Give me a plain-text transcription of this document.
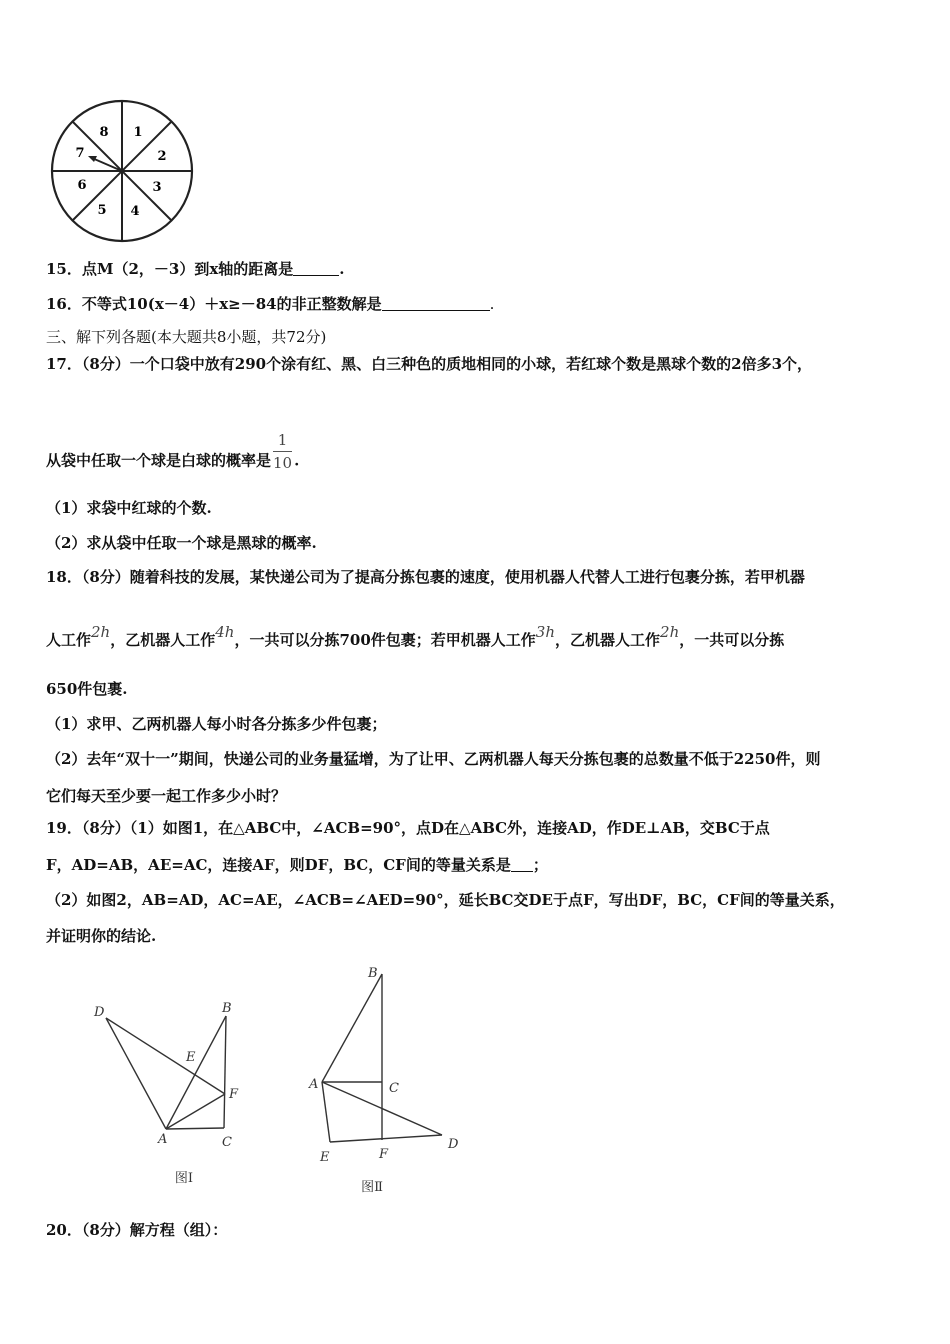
8 1
2
3
4
5
6
7
15．点M（2，－3）到x轴的距离是	.
16．不等式10(x－4）＋x≥－84的非正整数解是	.
三、解下列各题(本大题共8小题，共72分)
17．（8分）一个口袋中放有290个涂有红、黑、白三种色的质地相同的小球，若红球个数是黑球个数的2倍多3个，
从袋中任取一个球是白球的概率是 $\frac{1}{10}$ .
（1）求袋中红球的个数.
（2）求从袋中任取一个球是黑球的概率.
18．（8分）随着科技的发展，某快递公司为了提高分拣包裹的速度，使用机器人代替人工进行包裹分拣，若甲机器
人工作2h，乙机器人工作4h，一共可以分拣700件包裹；若甲机器人工作3h，乙机器人工作2h，一共可以分拣
650件包裹.
（1）求甲、乙两机器人每小时各分拣多少件包裹；
（2）去年“双十一”期间，快递公司的业务量猛增，为了让甲、乙两机器人每天分拣包裹的总数量不低于2250件，则
它们每天至少要一起工作多少小时？
19．（8分）（1）如图1，在△ABC中，∠ACB=90°，点D在△ABC外，连接AD，作DE⊥AB，交BC于点
F，AD=AB，AE=AC，连接AF，则DF，BC，CF间的等量关系是 ；
（2）如图2，AB=AD，AC=AE，∠ACB=∠AED=90°，延长BC交DE于点F，写出DF，BC，CF间的等量关系，
并证明你的结论.
D	B
E
F
A	C
图Ⅰ
B
A	C
E	F
D
图Ⅱ
20．（8分）解方程（组）：
